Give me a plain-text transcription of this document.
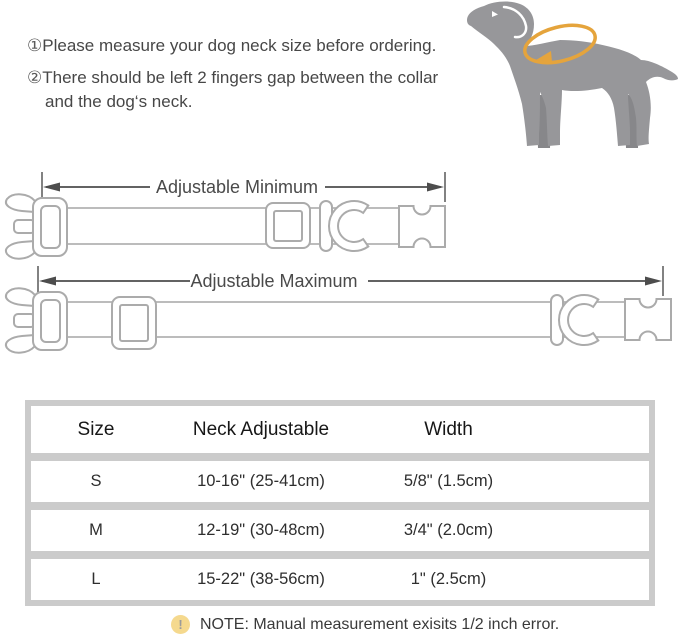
①Please measure your dog neck size before ordering.
②There should be left 2 fingers gap between the collar and the dog‘s neck.
Adjustable Minimum
Adjustable Maximum
Size	Neck Adjustable	Width
S	10-16" (25-41cm)	5/8" (1.5cm)
M	12-19" (30-48cm)	3/4" (2.0cm)
L	15-22" (38-56cm)	1" (2.5cm)
!	NOTE: Manual measurement exisits 1/2 inch error.
